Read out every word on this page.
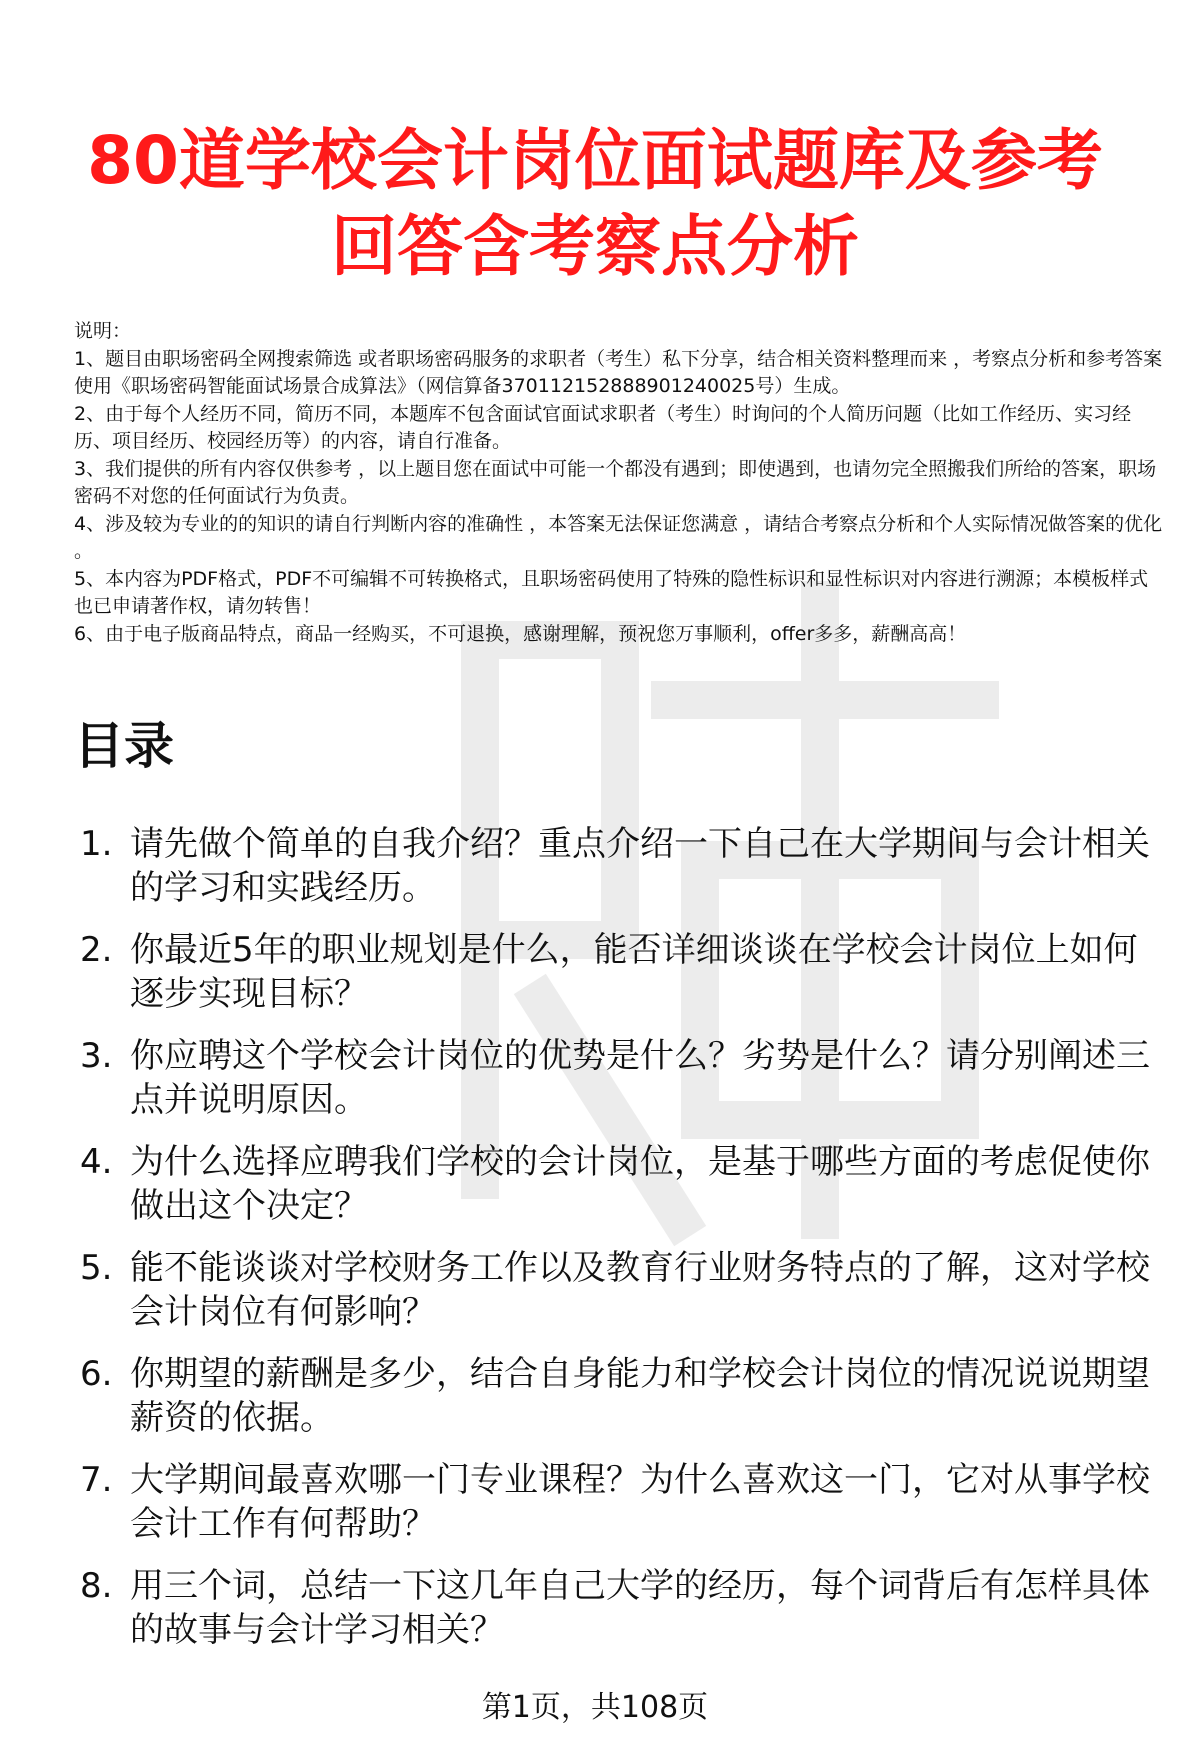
80道学校会计岗位面试题库及参考回答含考察点分析

说明：

1、题目由职场密码全网搜索筛选 或者职场密码服务的求职者（考生）私下分享，结合相关资料整理而来 ，考察点分析和参考答案使用《职场密码智能面试场景合成算法》（网信算备370112152888901240025号）生成。

2、由于每个人经历不同，简历不同，本题库不包含面试官面试求职者（考生）时询问的个人简历问题（比如工作经历、实习经历、项目经历、校园经历等）的内容，请自行准备。

3、我们提供的所有内容仅供参考 ，以上题目您在面试中可能一个都没有遇到；即使遇到，也请勿完全照搬我们所给的答案，职场密码不对您的任何面试行为负责。

4、涉及较为专业的的知识的请自行判断内容的准确性 ，本答案无法保证您满意 ，请结合考察点分析和个人实际情况做答案的优化 。

5、本内容为PDF格式，PDF不可编辑不可转换格式，且职场密码使用了特殊的隐性标识和显性标识对内容进行溯源；本模板样式也已申请著作权，请勿转售！

6、由于电子版商品特点，商品一经购买，不可退换，感谢理解，预祝您万事顺利，offer多多，薪酬高高！

目录
1. 请先做个简单的自我介绍？重点介绍一下自己在大学期间与会计相关的学习和实践经历。
2. 你最近5年的职业规划是什么，能否详细谈谈在学校会计岗位上如何逐步实现目标？
3. 你应聘这个学校会计岗位的优势是什么？劣势是什么？请分别阐述三点并说明原因。
4. 为什么选择应聘我们学校的会计岗位，是基于哪些方面的考虑促使你做出这个决定？
5. 能不能谈谈对学校财务工作以及教育行业财务特点的了解，这对学校会计岗位有何影响？
6. 你期望的薪酬是多少，结合自身能力和学校会计岗位的情况说说期望薪资的依据。
7. 大学期间最喜欢哪一门专业课程？为什么喜欢这一门，它对从事学校会计工作有何帮助？
8. 用三个词，总结一下这几年自己大学的经历，每个词背后有怎样具体的故事与会计学习相关？
第1页，共108页
